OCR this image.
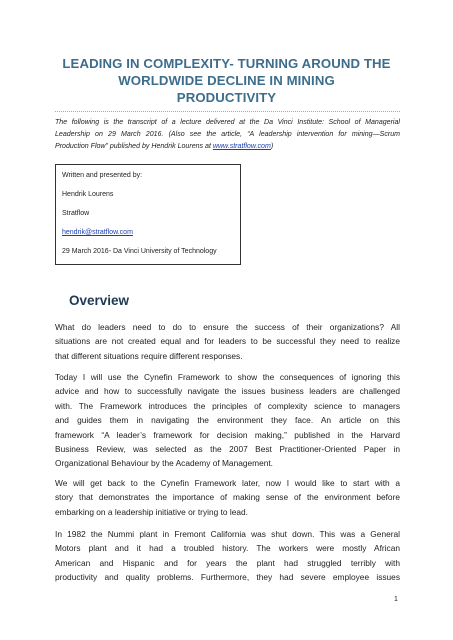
LEADING IN COMPLEXITY- TURNING AROUND THE
WORLDWIDE DECLINE IN MINING
PRODUCTIVITY
The following is the transcript of a lecture delivered at the Da Vinci Institute: School of Managerial
Leadership on 29 March 2016. (Also see the article, “A leadership intervention for mining—Scrum
Production Flow” published by Hendrik Lourens at www.stratflow.com)
Written and presented by:
Hendrik Lourens
Stratflow
hendrik@stratflow.com
29 March 2016- Da Vinci University of Technology
Overview
What do leaders need to do to ensure the success of their organizations? All
situations are not created equal and for leaders to be successful they need to realize
that different situations require different responses.
Today I will use the Cynefin Framework to show the consequences of ignoring this
advice and how to successfully navigate the issues business leaders are challenged
with. The Framework introduces the principles of complexity science to managers
and guides them in navigating the environment they face. An article on this
framework “A leader’s framework for decision making,” published in the Harvard
Business Review, was selected as the 2007 Best Practitioner-Oriented Paper in
Organizational Behaviour by the Academy of Management.
We will get back to the Cynefin Framework later, now I would like to start with a
story that demonstrates the importance of making sense of the environment before
embarking on a leadership initiative or trying to lead.
In 1982 the Nummi plant in Fremont California was shut down. This was a General
Motors plant and it had a troubled history. The workers were mostly African
American and Hispanic and for years the plant had struggled terribly with
productivity and quality problems. Furthermore, they had severe employee issues
1
